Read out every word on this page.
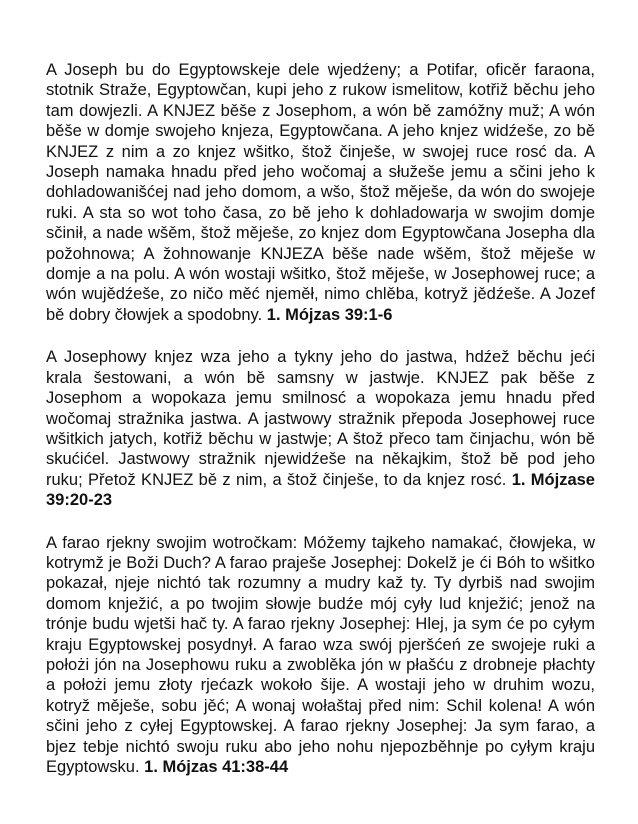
A Joseph bu do Egyptowskeje dele wjedźeny; a Potifar, oficěr faraona, stotnik Straže, Egyptowčan, kupi jeho z rukow ismelitow, kotřiž běchu jeho tam dowjezli. A KNJEZ běše z Josephom, a wón bě zamóžny muž; A wón běše w domje swojeho knjeza, Egyptowčana. A jeho knjez widźeše, zo bě KNJEZ z nim a zo knjez wšitko, štož činješe, w swojej ruce rosć da. A Joseph namaka hnadu před jeho wočomaj a słužeše jemu a sčini jeho k dohladowanišćej nad jeho domom, a wšo, štož měješe, da wón do swojeje ruki. A sta so wot toho časa, zo bě jeho k dohladowarja w swojim domje sčinił, a nade wšěm, štož měješe, zo knjez dom Egyptowčana Josepha dla požohnowa; A žohnowanje KNJEZA běše nade wšěm, štož měješe w domje a na polu. A wón wostaji wšitko, štož měješe, w Josephowej ruce; a wón wujědźeše, zo ničo měć njeměł, nimo chlěba, kotryž jědźeše. A Jozef bě dobry čłowjek a spodobny. 1. Mójzas 39:1-6

A Josephowy knjez wza jeho a tykny jeho do jastwa, hdźež běchu jeći krala šestowani, a wón bě samsny w jastwje. KNJEZ pak běše z Josephom a wopokaza jemu smilnosć a wopokaza jemu hnadu před wočomaj stražnika jastwa. A jastwowy stražnik přepoda Josephowej ruce wšitkich jatych, kotřiž běchu w jastwje; A štož přeco tam činjachu, wón bě skućićel. Jastwowy stražnik njewidźeše na někajkim, štož bě pod jeho ruku; Přetož KNJEZ bě z nim, a štož činješe, to da knjez rosć. 1. Mójzase 39:20-23

A farao rjekny swojim wotročkam: Móžemy tajkeho namakać, čłowjeka, w kotrymž je Boži Duch? A farao praješe Josephej: Dokelž je ći Bóh to wšitko pokazał, njeje nichtó tak rozumny a mudry kaž ty. Ty dyrbiš nad swojim domom knježić, a po twojim słowje budźe mój cyły lud knježić; jenož na trónje budu wjetši hač ty. A farao rjekny Josephej: Hlej, ja sym će po cyłym kraju Egyptowskej posydnył. A farao wza swój pjeršćeń ze swojeje ruki a położi jón na Josephowu ruku a zwoblěka jón w płašću z drobneje płachty a położi jemu złoty rjećazk wokoło šije. A wostaji jeho w druhim wozu, kotryž měješe, sobu jěć; A wonaj wołaštaj před nim: Schil kolena! A wón sčini jeho z cyłej Egyptowskej. A farao rjekny Josephej: Ja sym farao, a bjez tebje nichtó swoju ruku abo jeho nohu njepozběhnje po cyłym kraju Egyptowsku. 1. Mójzas 41:38-44
